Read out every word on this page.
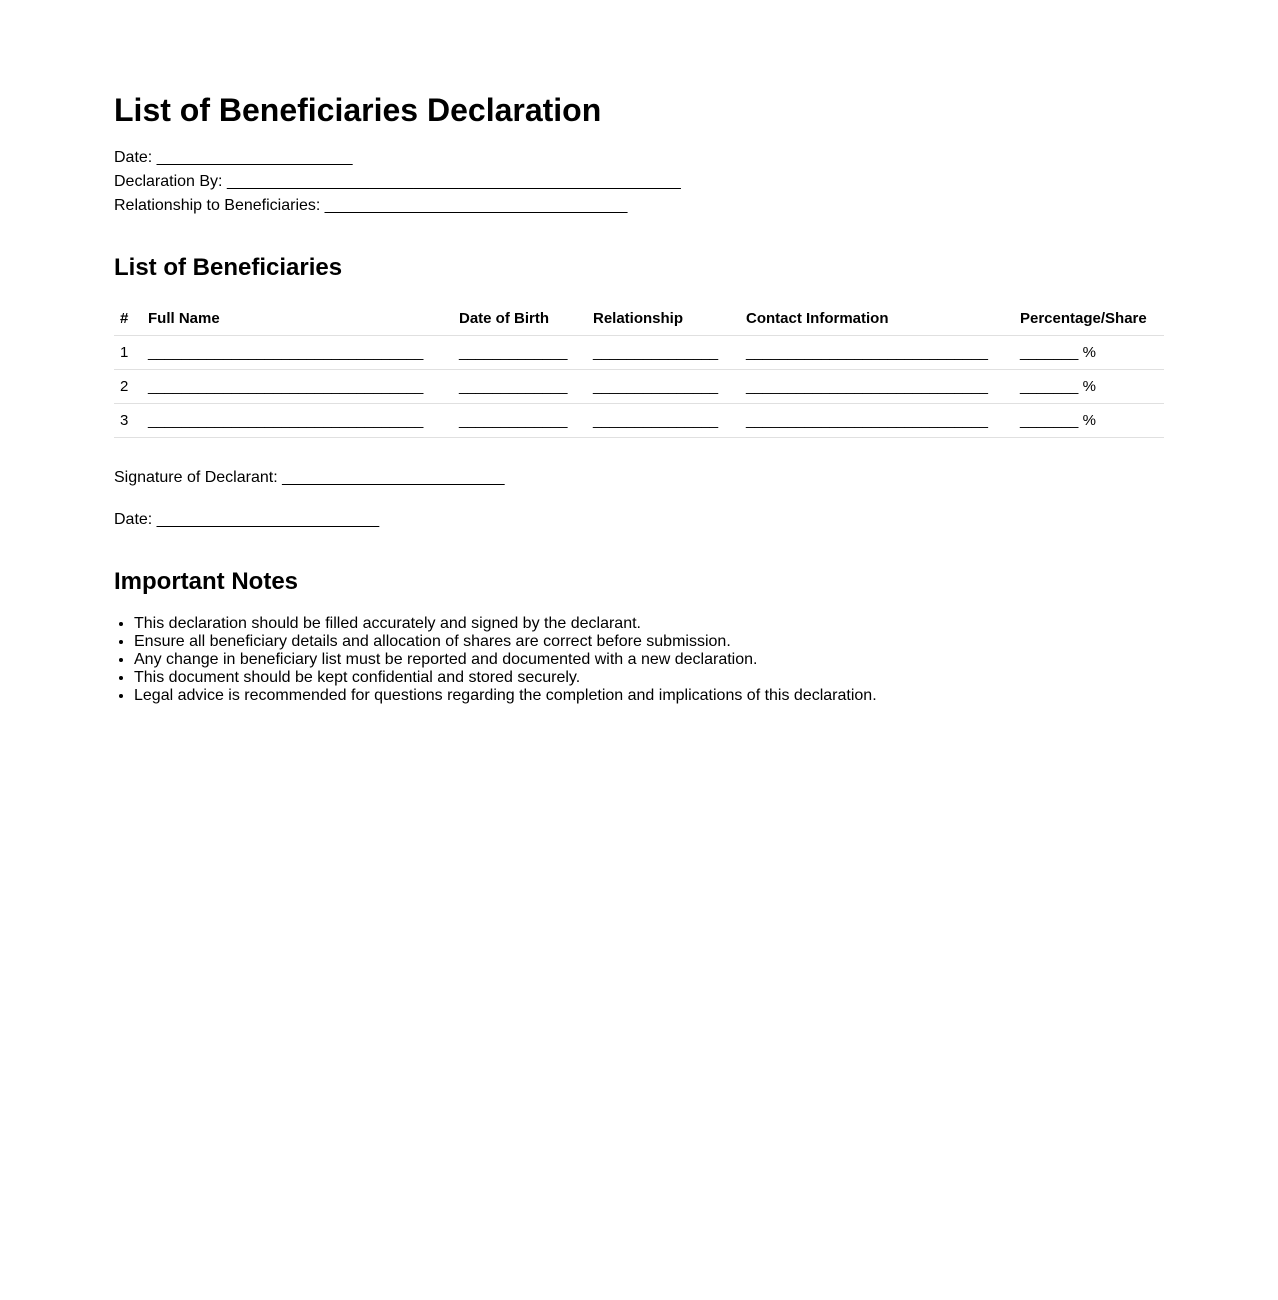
List of Beneficiaries Declaration
Date: ______________________
Declaration By: ___________________________________________________
Relationship to Beneficiaries: __________________________________
List of Beneficiaries
#	Full Name	Date of Birth	Relationship	Contact Information	Percentage/Share
1	_________________________________	_____________	_______________	_____________________________	_______ %
2	_________________________________	_____________	_______________	_____________________________	_______ %
3	_________________________________	_____________	_______________	_____________________________	_______ %
Signature of Declarant: _________________________
Date: _________________________
Important Notes
• This declaration should be filled accurately and signed by the declarant.
• Ensure all beneficiary details and allocation of shares are correct before submission.
• Any change in beneficiary list must be reported and documented with a new declaration.
• This document should be kept confidential and stored securely.
• Legal advice is recommended for questions regarding the completion and implications of this declaration.
